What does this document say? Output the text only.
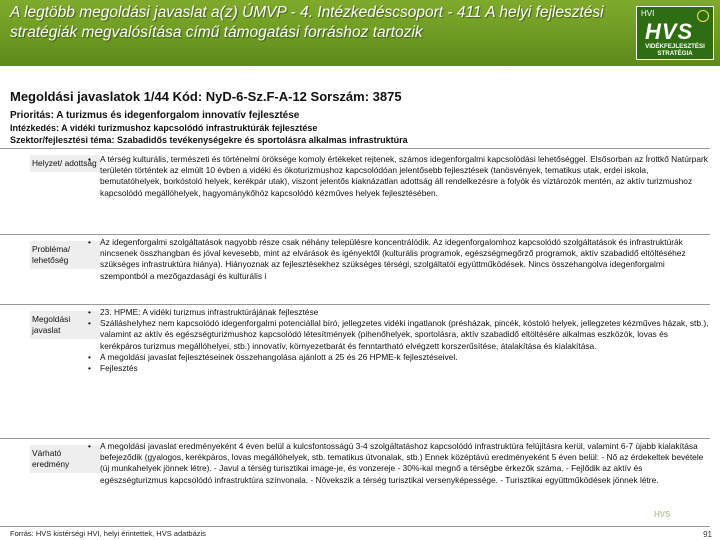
A legtöbb megoldási javaslat a(z) ÚMVP - 4. Intézkedéscsoport - 411 A helyi fejlesztési stratégiák megvalósítása című támogatási forráshoz tartozik
HVI
HVS
VIDÉKFEJLESZTÉSI STRATÉGIA
Megoldási javaslatok 1/44 Kód: NyD-6-Sz.F-A-12 Sorszám: 3875
Prioritás: A turizmus és idegenforgalom innovatív fejlesztése
Intézkedés: A vidéki turizmushoz kapcsolódó infrastruktúrák fejlesztése
Szektor/fejlesztési téma: Szabadidős tevékenységekre és sportolásra alkalmas infrastruktúra
Helyzet/ adottság
• A térség kulturális, természeti és történelmi öröksége komoly értékeket rejtenek, számos idegenforgalmi kapcsolódási lehetőséggel. Elsősorban az Írottkő Natúrpark területén történtek az elmúlt 10 évben a vidéki és ökoturizmushoz kapcsolódóan jelentősebb fejlesztések (tanösvények, tematikus utak, erdei iskola, bemutatóhelyek, borkóstoló helyek, kerékpár utak), viszont jelentős kiaknázatlan adottság áll rendelkezésre a folyók és víztározók mentén, az aktív turizmushoz kapcsolódó megállóhelyek, hagyománykőhöz kapcsolódó kézműves helyek fejlesztésében.
Probléma/ lehetőség
• Az idegenforgalmi szolgáltatások nagyobb része csak néhány településre koncentrálódik. Az idegenforgalomhoz kapcsolódó szolgáltatások és infrastruktúrák nincsenek összhangban és jóval kevesebb, mint az elvárások és igényektől (kulturális programok, egészségmegőrző programok, aktív szabadidő eltöltéséhez szükséges infrastruktúra hiánya). Hiányoznak az fejlesztésekhez szükséges térségi, szolgáltatói együttműködések. Nincs összehangolva idegenforgalmi szempontból a mezőgazdasági és kulturális i
Megoldási javaslat
• 23. HPME: A vidéki turizmus infrastruktúrájának fejlesztése
• Szálláshelyhez nem kapcsolódó idegenforgalmi potenciállal bíró, jellegzetes vidéki ingatlanok (présházak, pincék, kóstoló helyek, jellegzetes kézműves házak, stb.), valamint az aktív és egészségturizmushoz kapcsolódó létesítmények (pihenőhelyek, sportolásra, aktív szabadidő eltöltésére alkalmas eszközök, lovas és kerékpáros turizmus megállóhelyei, stb.) innovatív, környezetbarát és fenntartható elvégzett korszerűsítése, átalakítása és kialakítása.
• A megoldási javaslat fejlesztéseinek összehangolása ajánlott a 25 és 26 HPME-k fejlesztéseivel.
• Fejlesztés
Várható eredmény
• A megoldási javaslat eredményeként 4 éven belül a kulcsfontosságú 3-4 szolgáltatáshoz kapcsolódó infrastruktúra felújításra kerül, valamint 6-7 újabb kialakítása befejeződik (gyalogos, kerékpáros, lovas megállóhelyek, stb. tematikus útvonalak, stb.) Ennek középtávú eredményeként 5 éven belül: - Nő az érdekeltek bevétele (új munkahelyek jönnek létre). - Javul a térség turisztikai image-je, és vonzereje - 30%-kal megnő a térségbe érkezők száma. - Fejlődik az aktív és egészségturizmus kapcsolódó infrastruktúra színvonala. - Növekszik a térség turisztikai versenyképessége. - Turisztikai együttműködések jönnek létre.
HVS
Forrás: HVS kistérségi HVI, helyi érintettek, HVS adatbázis	91
